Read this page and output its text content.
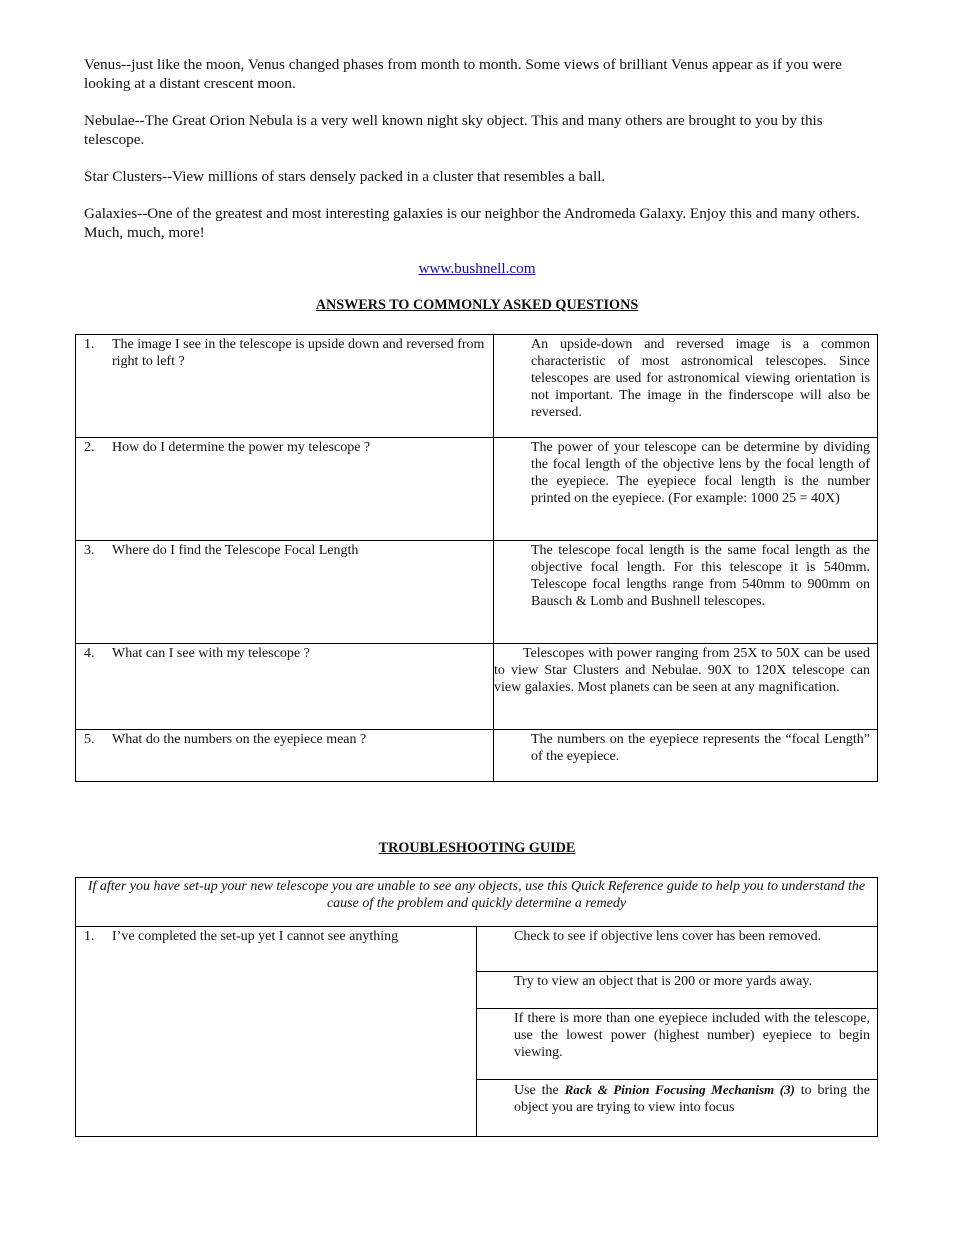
Venus--just like the moon, Venus changed phases from month to month. Some views of brilliant Venus appear as if you were looking at a distant crescent moon.

Nebulae--The Great Orion Nebula is a very well known night sky object. This and many others are brought to you by this telescope.

Star Clusters--View millions of stars densely packed in a cluster that resembles a ball.

Galaxies--One of the greatest and most interesting galaxies is our neighbor the Andromeda Galaxy. Enjoy this and many others. Much, much, more!

www.bushnell.com
ANSWERS TO COMMONLY ASKED QUESTIONS
1. The image I see in the telescope is upside down and reversed from right to left ?	An upside-down and reversed image is a common characteristic of most astronomical telescopes. Since telescopes are used for astronomical viewing orientation is not important. The image in the finderscope will also be reversed.

2. How do I determine the power my telescope ?	The power of your telescope can be determine by dividing the focal length of the objective lens by the focal length of the eyepiece. The eyepiece focal length is the number printed on the eyepiece. (For example: 1000 25 = 40X)

3. Where do I find the Telescope Focal Length	The telescope focal length is the same focal length as the objective focal length. For this telescope it is 540mm. Telescope focal lengths range from 540mm to 900mm on Bausch & Lomb and Bushnell telescopes.

4. What can I see with my telescope ?	Telescopes with power ranging from 25X to 50X can be used to view Star Clusters and Nebulae. 90X to 120X telescope can view galaxies. Most planets can be seen at any magnification.

5. What do the numbers on the eyepiece mean ?	The numbers on the eyepiece represents the “focal Length” of the eyepiece.
TROUBLESHOOTING GUIDE
If after you have set-up your new telescope you are unable to see any objects, use this Quick Reference guide to help you to understand the cause of the problem and quickly determine a remedy

1.	I’ve completed the set-up yet I cannot see anything	Check to see if objective lens cover has been removed.
Try to view an object that is 200 or more yards away.
If there is more than one eyepiece included with the telescope, use the lowest power (highest number) eyepiece to begin viewing.
Use the Rack & Pinion Focusing Mechanism (3) to bring the object you are trying to view into focus
